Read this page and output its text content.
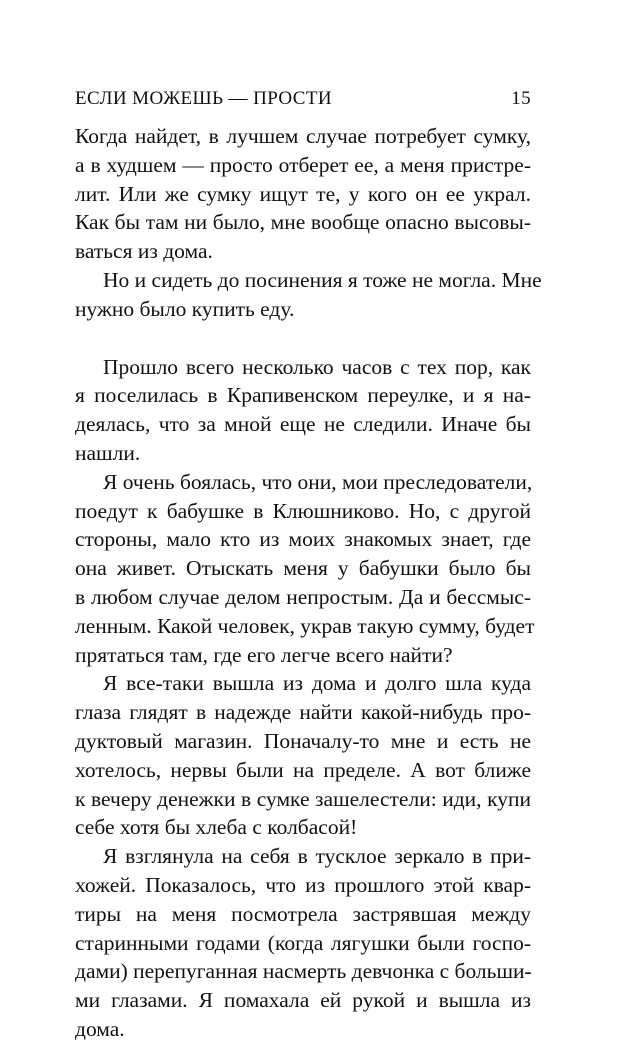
ЕСЛИ МОЖЕШЬ — ПРОСТИ	15
Когда найдет, в лучшем случае потребует сумку,
а в худшем — просто отберет ее, а меня пристре-
лит. Или же сумку ищут те, у кого он ее украл.
Как бы там ни было, мне вообще опасно высовы-
ваться из дома.
Но и сидеть до посинения я тоже не могла. Мне
нужно было купить еду.
Прошло всего несколько часов с тех пор, как
я поселилась в Крапивенском переулке, и я на-
деялась, что за мной еще не следили. Иначе бы
нашли.
Я очень боялась, что они, мои преследователи,
поедут к бабушке в Клюшниково. Но, с другой
стороны, мало кто из моих знакомых знает, где
она живет. Отыскать меня у бабушки было бы
в любом случае делом непростым. Да и бессмыс-
ленным. Какой человек, украв такую сумму, будет
прятаться там, где его легче всего найти?
Я все-таки вышла из дома и долго шла куда
глаза глядят в надежде найти какой-нибудь про-
дуктовый магазин. Поначалу-то мне и есть не
хотелось, нервы были на пределе. А вот ближе
к вечеру денежки в сумке зашелестели: иди, купи
себе хотя бы хлеба с колбасой!
Я взглянула на себя в тусклое зеркало в при-
хожей. Показалось, что из прошлого этой квар-
тиры на меня посмотрела застрявшая между
старинными годами (когда лягушки были госпо-
дами) перепуганная насмерть девчонка с больши-
ми глазами. Я помахала ей рукой и вышла из
дома.
